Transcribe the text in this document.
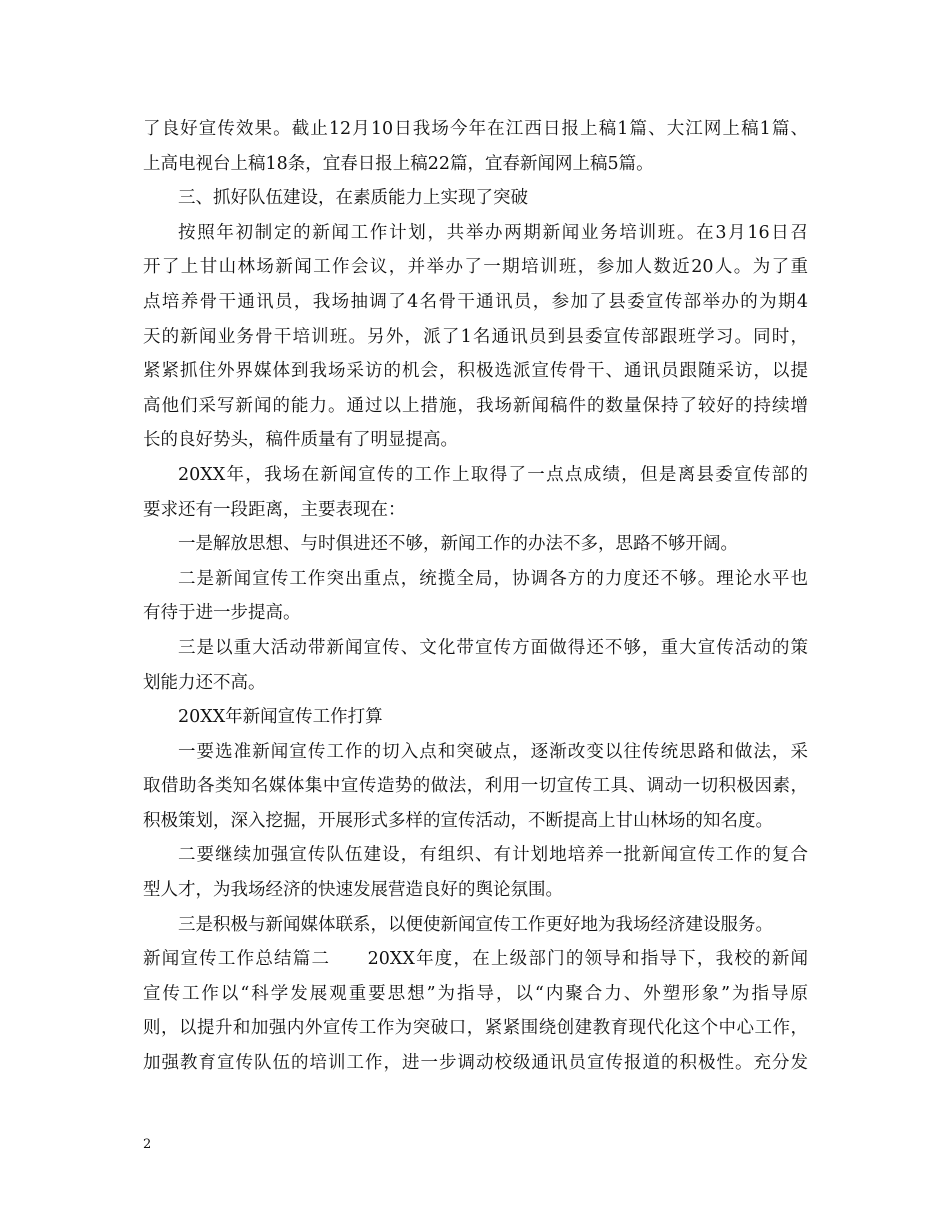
了良好宣传效果。截止12月10日我场今年在江西日报上稿1篇、大江网上稿1篇、
上高电视台上稿18条，宜春日报上稿22篇，宜春新闻网上稿5篇。
三、抓好队伍建设，在素质能力上实现了突破
按照年初制定的新闻工作计划，共举办两期新闻业务培训班。在3月16日召
开了上甘山林场新闻工作会议，并举办了一期培训班，参加人数近20人。为了重
点培养骨干通讯员，我场抽调了4名骨干通讯员，参加了县委宣传部举办的为期4
天的新闻业务骨干培训班。另外，派了1名通讯员到县委宣传部跟班学习。同时，
紧紧抓住外界媒体到我场采访的机会，积极选派宣传骨干、通讯员跟随采访，以提
高他们采写新闻的能力。通过以上措施，我场新闻稿件的数量保持了较好的持续增
长的良好势头，稿件质量有了明显提高。
20XX年，我场在新闻宣传的工作上取得了一点点成绩，但是离县委宣传部的
要求还有一段距离，主要表现在：
一是解放思想、与时俱进还不够，新闻工作的办法不多，思路不够开阔。
二是新闻宣传工作突出重点，统揽全局，协调各方的力度还不够。理论水平也
有待于进一步提高。
三是以重大活动带新闻宣传、文化带宣传方面做得还不够，重大宣传活动的策
划能力还不高。
20XX年新闻宣传工作打算
一要选准新闻宣传工作的切入点和突破点，逐渐改变以往传统思路和做法，采
取借助各类知名媒体集中宣传造势的做法，利用一切宣传工具、调动一切积极因素，
积极策划，深入挖掘，开展形式多样的宣传活动，不断提高上甘山林场的知名度。
二要继续加强宣传队伍建设，有组织、有计划地培养一批新闻宣传工作的复合
型人才，为我场经济的快速发展营造良好的舆论氛围。
三是积极与新闻媒体联系，以便使新闻宣传工作更好地为我场经济建设服务。
新闻宣传工作总结篇二　　20XX年度，在上级部门的领导和指导下，我校的新闻
宣传工作以“科学发展观重要思想”为指导，以“内聚合力、外塑形象”为指导原
则，以提升和加强内外宣传工作为突破口，紧紧围绕创建教育现代化这个中心工作，
加强教育宣传队伍的培训工作，进一步调动校级通讯员宣传报道的积极性。充分发
2
